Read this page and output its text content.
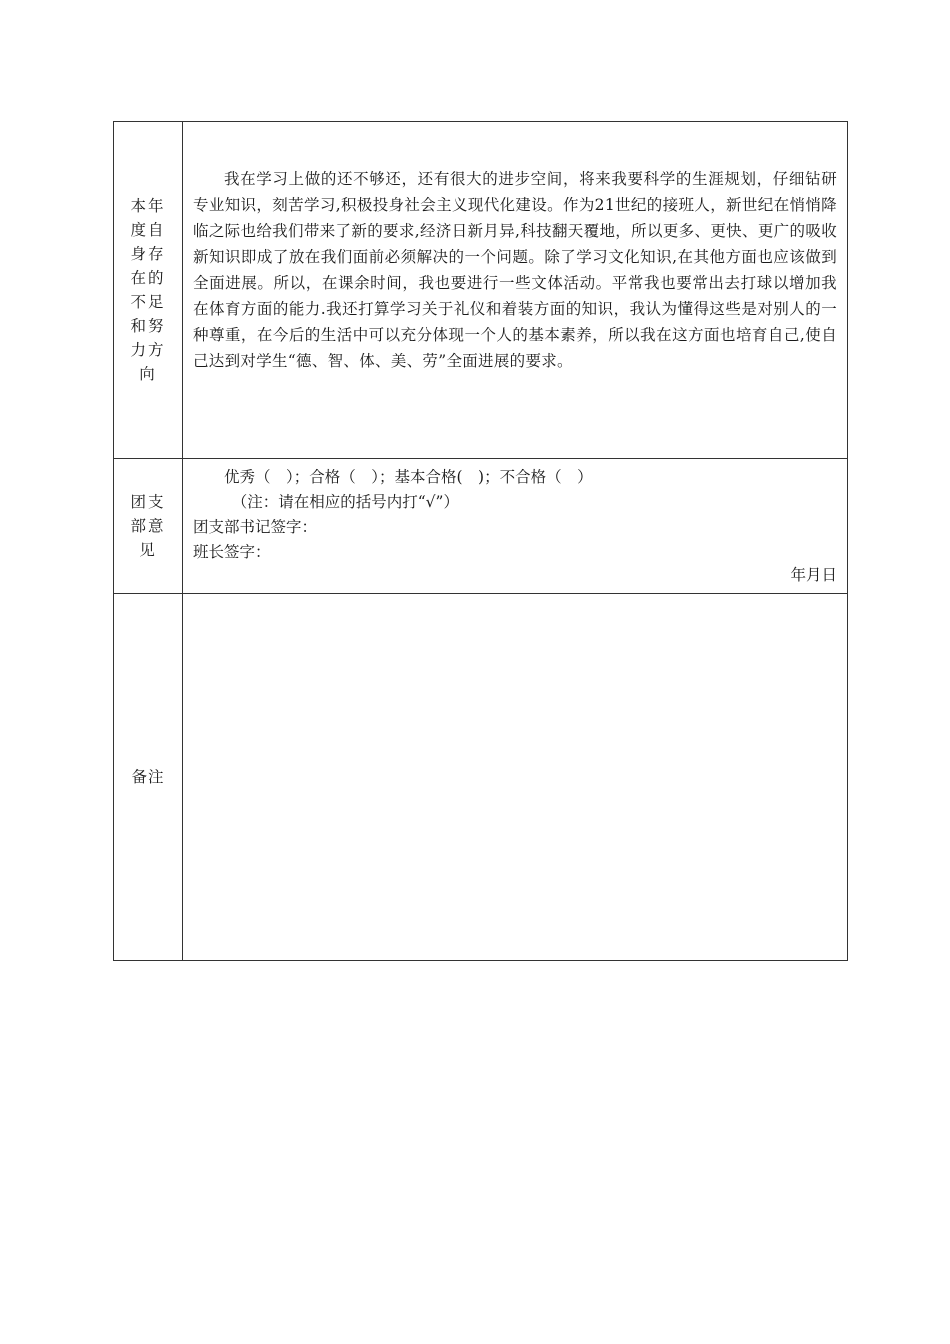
本年度自身存在的不足和努力方向	我在学习上做的还不够还，还有很大的进步空间，将来我要科学的生涯规划，仔细钻研专业知识，刻苦学习,积极投身社会主义现代化建设。作为21世纪的接班人，新世纪在悄悄降临之际也给我们带来了新的要求,经济日新月异,科技翻天覆地，所以更多、更快、更广的吸收新知识即成了放在我们面前必须解决的一个问题。除了学习文化知识,在其他方面也应该做到全面进展。所以，在课余时间，我也要进行一些文体活动。平常我也要常出去打球以增加我在体育方面的能力.我还打算学习关于礼仪和着装方面的知识，我认为懂得这些是对别人的一种尊重，在今后的生活中可以充分体现一个人的基本素养，所以我在这方面也培育自己,使自己达到对学生“德、智、体、美、劳”全面进展的要求。

团支部意见	优秀（　）；合格（　）；基本合格(　)；不合格（　）
（注：请在相应的括号内打“√”）
团支部书记签字：
班长签字：
年月日

备注	
